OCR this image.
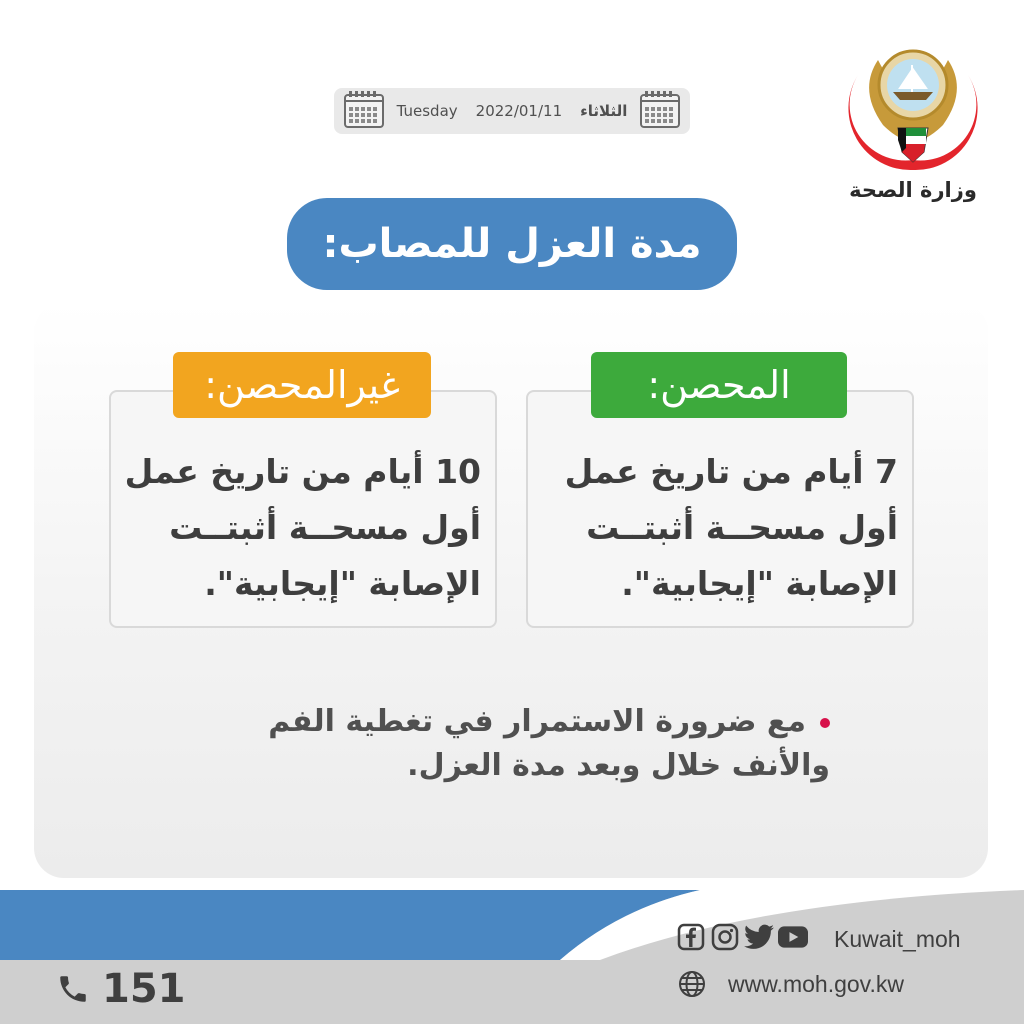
Tuesday 2022/01/11 الثلاثاء
وزارة الصحة
مدة العزل للمصاب:
7 أيام من تاريخ عمل
أول مسحــة أثبتــت
الإصابة "إيجابية".
المحصن:
10 أيام من تاريخ عمل
أول مسحــة أثبتــت
الإصابة "إيجابية".
غيرالمحصن:
مع ضرورة الاستمرار في تغطية الفم
والأنف خلال وبعد مدة العزل.
151
Kuwait_moh
www.moh.gov.kw
